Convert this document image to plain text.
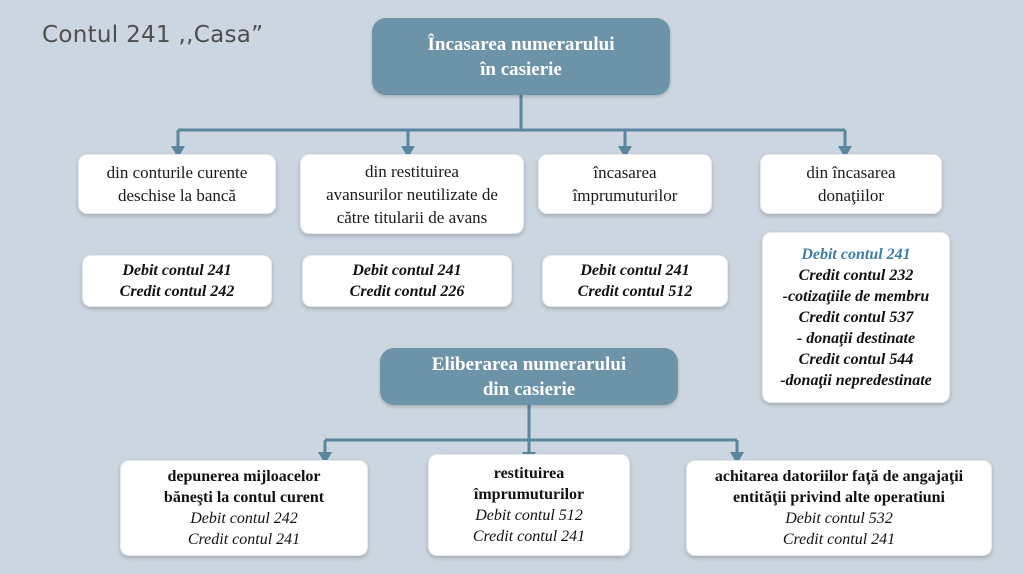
Contul 241 ,,Casa”	Încasarea numerarului
în casierie
din conturile curente
deschise la bancă
din restituirea
avansurilor neutilizate de
către titularii de avans
încasarea
împrumuturilor
din încasarea
donaţiilor
Debit contul 241
Credit contul 242
Debit contul 241
Credit contul 226
Debit contul 241
Credit contul 512
Debit contul 241
Credit contul 232
-cotizaţiile de membru
Credit contul 537
- donaţii destinate
Credit contul 544
-donaţii nepredestinate
Eliberarea numerarului
din casierie
depunerea mijloacelor
băneşti la contul curent
Debit contul 242
Credit contul 241
restituirea
împrumuturilor
Debit contul 512
Credit contul 241
achitarea datoriilor faţă de angajaţii
entităţii privind alte operatiuni
Debit contul 532
Credit contul 241
